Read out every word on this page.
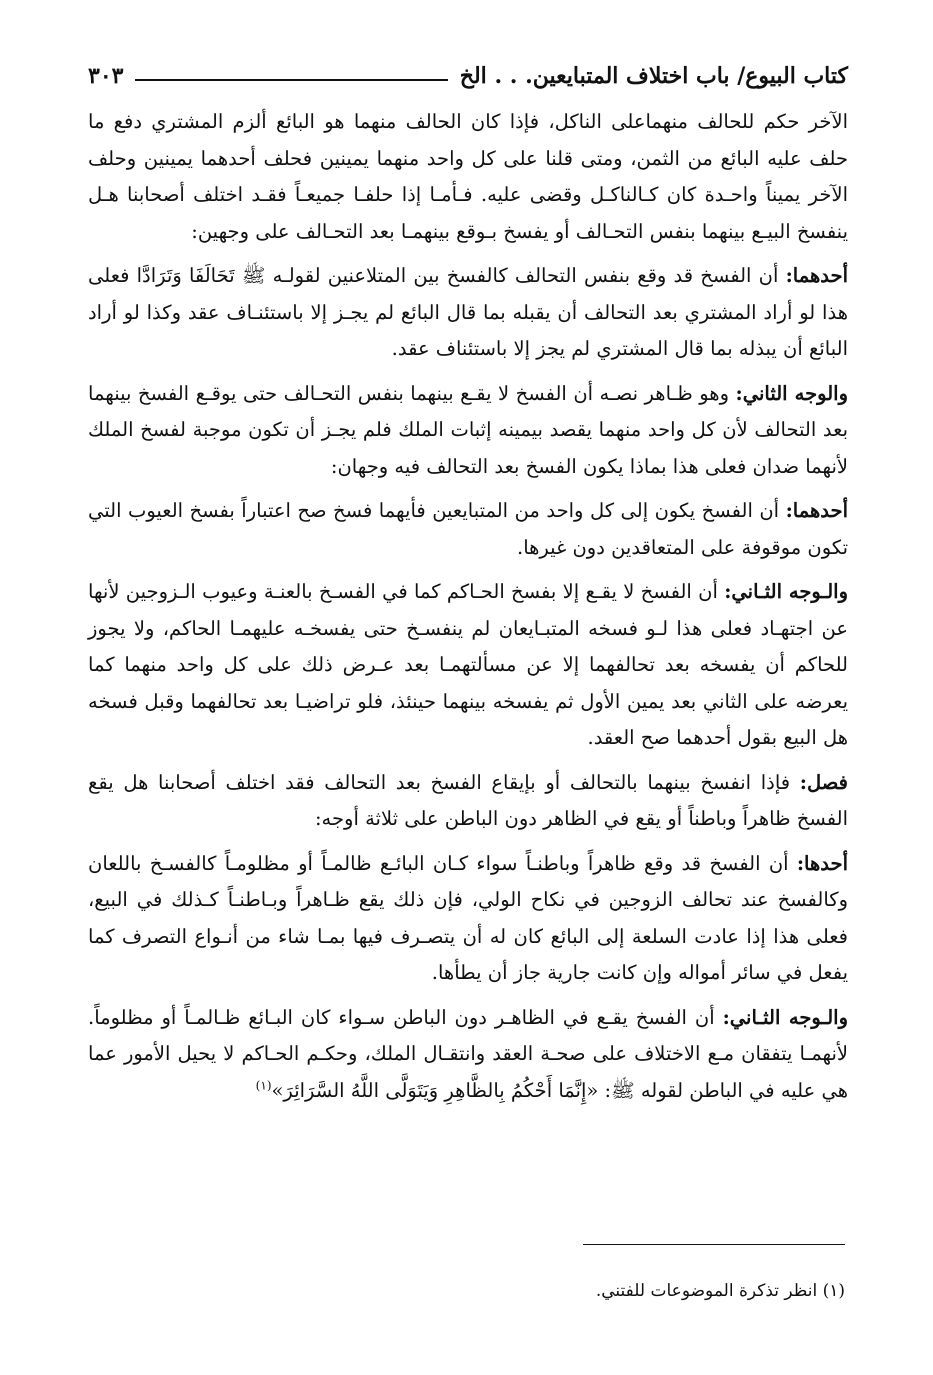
كتاب البيوع/ باب اختلاف المتبايعين. . . الخ
٣٠٣

الآخر حكم للحالف منهماعلى الناكل، فإذا كان الحالف منهما هو البائع ألزم المشتري دفع ما حلف عليه البائع من الثمن، ومتى قلنا على كل واحد منهما يمينين فحلف أحدهما يمينين وحلف الآخر يميناً واحـدة كان كـالناكـل وقضى عليه. فـأمـا إذا حلفـا جميعـاً فقـد اختلف أصحابنا هـل ينفسخ البيـع بينهما بنفس التحـالف أو يفسخ بـوقع بينهمـا بعد التحـالف على وجهين:

أحدهما: أن الفسخ قد وقع بنفس التحالف كالفسخ بين المتلاعنين لقولـه ﷺ تَحَالَفَا وَتَرَادَّا فعلى هذا لو أراد المشتري بعد التحالف أن يقبله بما قال البائع لم يجـز إلا باستئنـاف عقد وكذا لو أراد البائع أن يبذله بما قال المشتري لم يجز إلا باستئناف عقد.

والوجه الثاني: وهو ظـاهر نصـه أن الفسخ لا يقـع بينهما بنفس التحـالف حتى يوقـع الفسخ بينهما بعد التحالف لأن كل واحد منهما يقصد بيمينه إثبات الملك فلم يجـز أن تكون موجبة لفسخ الملك لأنهما ضدان فعلى هذا بماذا يكون الفسخ بعد التحالف فيه وجهان:

أحدهما: أن الفسخ يكون إلى كل واحد من المتبايعين فأيهما فسخ صح اعتباراً بفسخ العيوب التي تكون موقوفة على المتعاقدين دون غيرها.

والـوجه الثـاني: أن الفسخ لا يقـع إلا بفسخ الحـاكم كما في الفسـخ بالعنـة وعيوب الـزوجين لأنها عن اجتهـاد فعلى هذا لـو فسخه المتبـايعان لم ينفسـخ حتى يفسخـه عليهمـا الحاكم، ولا يجوز للحاكم أن يفسخه بعد تحالفهما إلا عن مسألتهمـا بعد عـرض ذلك على كل واحد منهما كما يعرضه على الثاني بعد يمين الأول ثم يفسخه بينهما حينئذ، فلو تراضيـا بعد تحالفهما وقبل فسخه هل البيع بقول أحدهما صح العقد.

فصل: فإذا انفسخ بينهما بالتحالف أو بإيقاع الفسخ بعد التحالف فقد اختلف أصحابنا هل يقع الفسخ ظاهراً وباطناً أو يقع في الظاهر دون الباطن على ثلاثة أوجه:

أحدها: أن الفسخ قد وقع ظاهراً وباطنـاً سواء كـان البائـع ظالمـاً أو مظلومـاً كالفسـخ باللعان وكالفسخ عند تحالف الزوجين في نكاح الولي، فإن ذلك يقع ظـاهراً وبـاطنـاً كـذلك في البيع، فعلى هذا إذا عادت السلعة إلى البائع كان له أن يتصـرف فيها بمـا شاء من أنـواع التصرف كما يفعل في سائر أمواله وإن كانت جارية جاز أن يطأها.

والـوجه الثـاني: أن الفسخ يقـع في الظاهـر دون الباطن سـواء كان البـائع ظـالمـاً أو مظلوماً. لأنهمـا يتفقان مـع الاختلاف على صحـة العقد وانتقـال الملك، وحكـم الحـاكم لا يحيل الأمور عما هي عليه في الباطن لقوله ﷺ: «إِنَّمَا أَحْكُمُ بِالظَّاهِرِ وَيَتَوَلَّى اللَّهُ السَّرَائِرَ»$^{(١)}$

(١) انظر تذكرة الموضوعات للفتني.
